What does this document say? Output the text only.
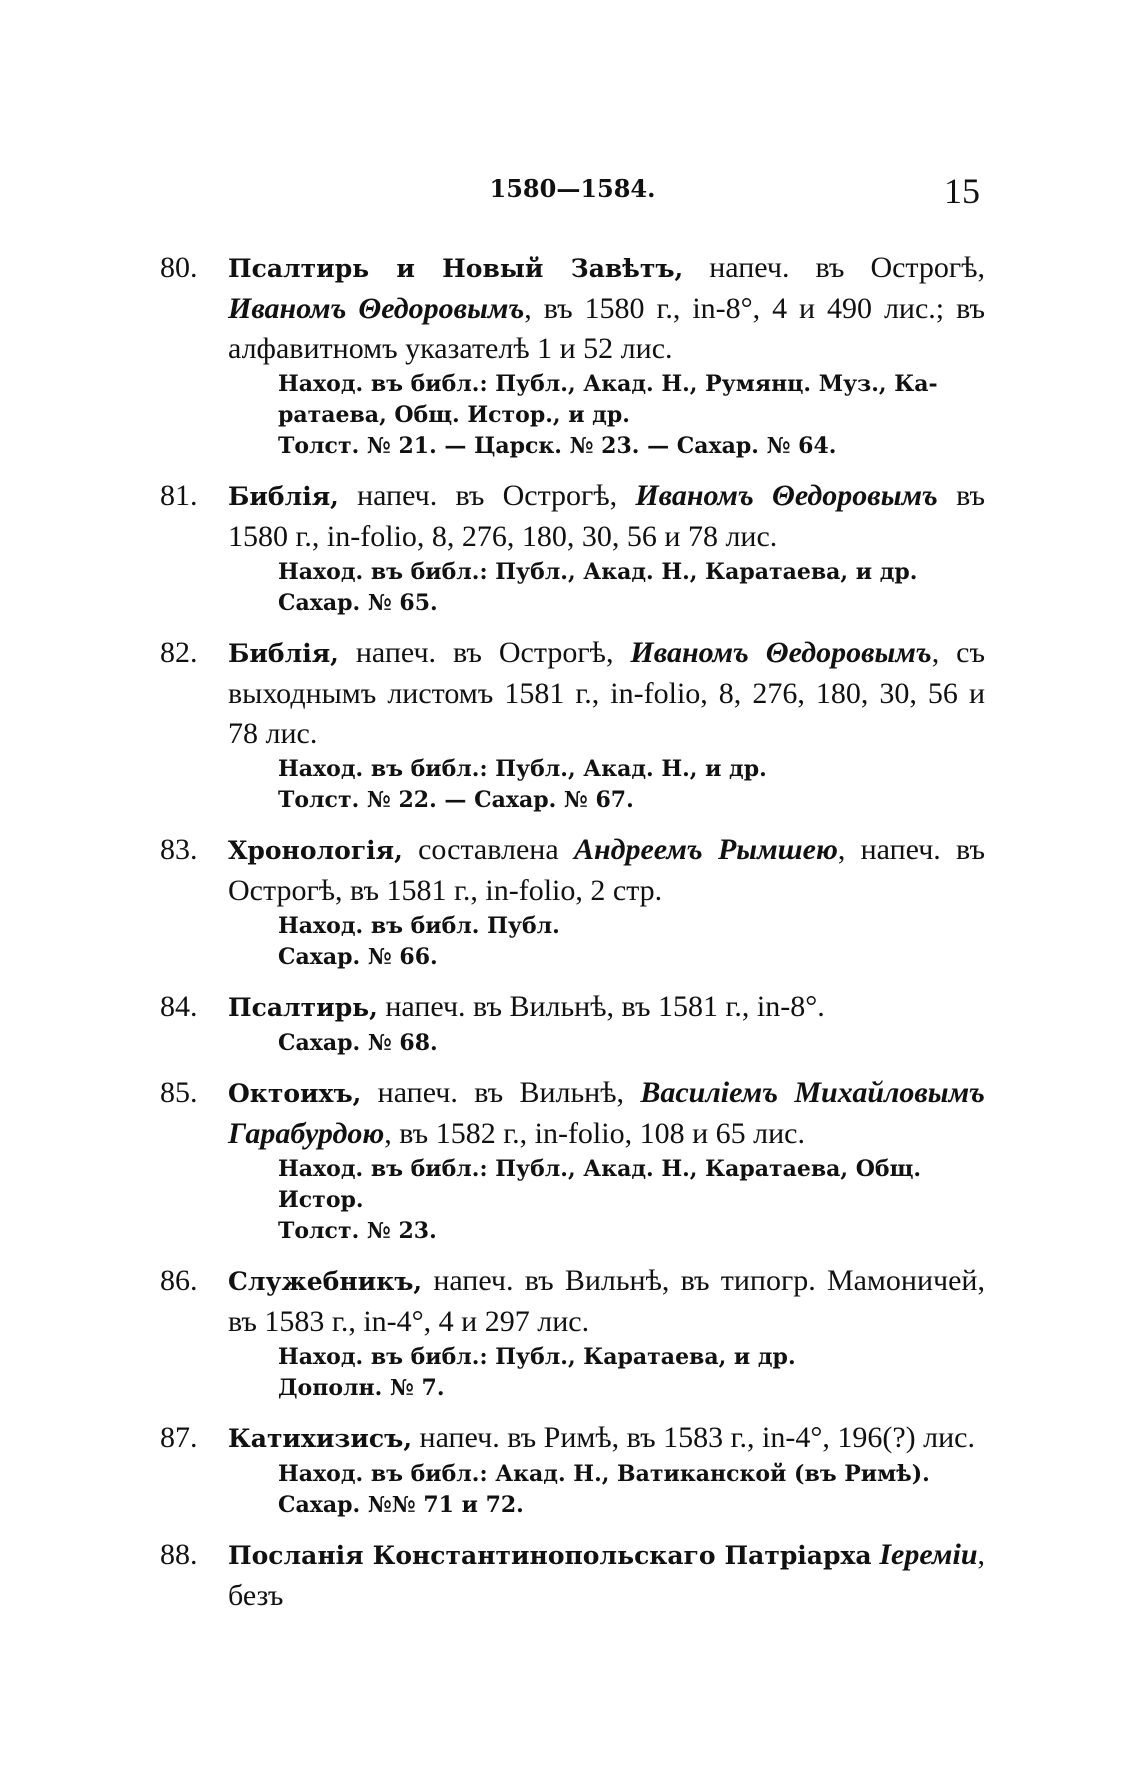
1580—1584.	15
80.	Псалтирь и Новый Завѣтъ, напеч. въ Острогѣ, Иваномъ Θедоровымъ, въ 1580 г., in-8°, 4 и 490 лис.; въ алфавитномъ указателѣ 1 и 52 лис.
Наход. въ библ.: Публ., Акад. Н., Румянц. Муз., Ка-
ратаева, Общ. Истор., и др.
Толст. № 21. — Царск. № 23. — Сахар. № 64.
81.	Библія, напеч. въ Острогѣ, Иваномъ Θедоровымъ въ 1580 г., in-folio, 8, 276, 180, 30, 56 и 78 лис.
Наход. въ библ.: Публ., Акад. Н., Каратаева, и др.
Сахар. № 65.
82.	Библія, напеч. въ Острогѣ, Иваномъ Θедоровымъ, съ выходнымъ листомъ 1581 г., in-folio, 8, 276, 180, 30, 56 и 78 лис.
Наход. въ библ.: Публ., Акад. Н., и др.
Толст. № 22. — Сахар. № 67.
83.	Хронологія, составлена Андреемъ Рымшею, напеч. въ Острогѣ, въ 1581 г., in-folio, 2 стр.
Наход. въ библ. Публ.
Сахар. № 66.
84.	Псалтирь, напеч. въ Вильнѣ, въ 1581 г., in-8°.
Сахар. № 68.
85.	Октоихъ, напеч. въ Вильнѣ, Василіемъ Михайловымъ Гарабурдою, въ 1582 г., in-folio, 108 и 65 лис.
Наход. въ библ.: Публ., Акад. Н., Каратаева, Общ.
Истор.
Толст. № 23.
86.	Служебникъ, напеч. въ Вильнѣ, въ типогр. Мамоничей, въ 1583 г., in-4°, 4 и 297 лис.
Наход. въ библ.: Публ., Каратаева, и др.
Дополн. № 7.
87.	Катихизисъ, напеч. въ Римѣ, въ 1583 г., in-4°, 196(?) лис.
Наход. въ библ.: Акад. Н., Ватиканской (въ Римѣ).
Сахар. №№ 71 и 72.
88.	Посланія Константинопольскаго Патріарха Іереміи, безъ
